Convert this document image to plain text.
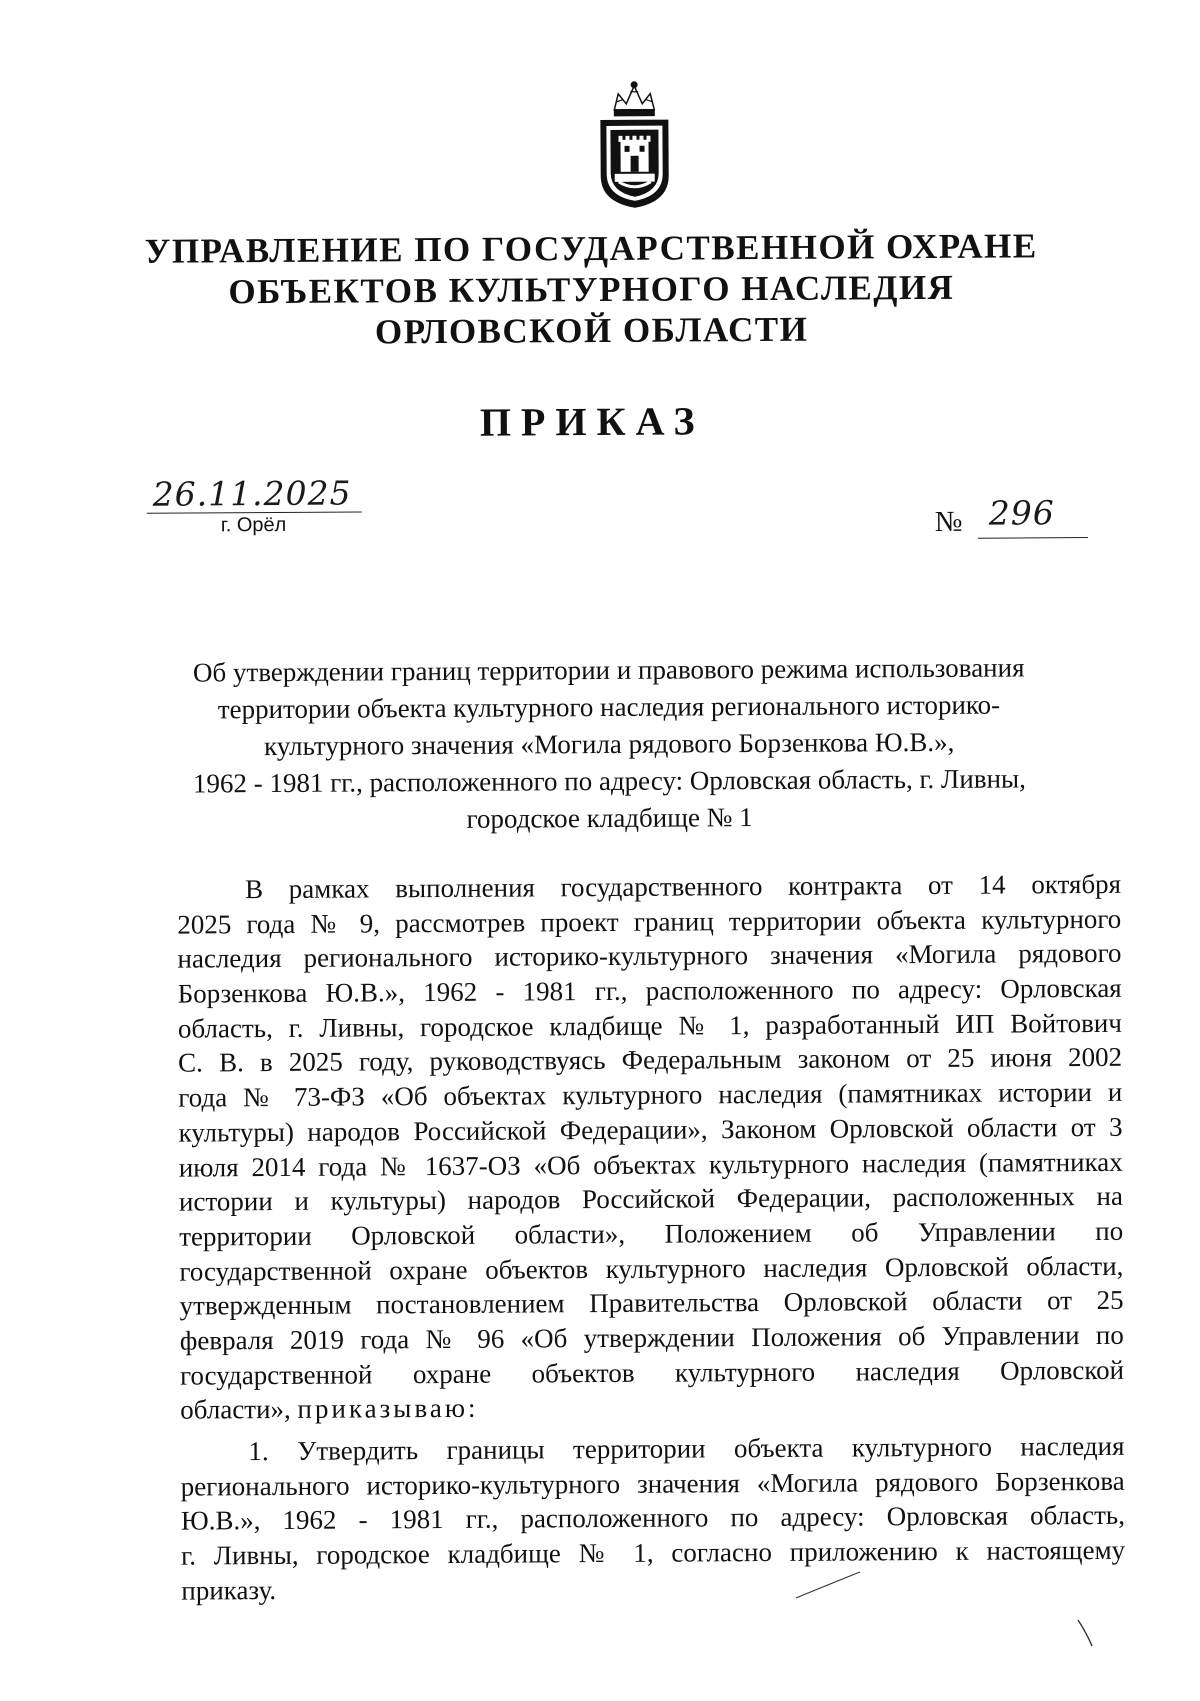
УПРАВЛЕНИЕ ПО ГОСУДАРСТВЕННОЙ ОХРАНЕ
ОБЪЕКТОВ КУЛЬТУРНОГО НАСЛЕДИЯ
ОРЛОВСКОЙ ОБЛАСТИ
ПРИКАЗ
26.11.2025
г. Орёл	№ 296
Об утверждении границ территории и правового режима использования
территории объекта культурного наследия регионального историко-
культурного значения «Могила рядового Борзенкова Ю.В.»,
1962 - 1981 гг., расположенного по адресу: Орловская область, г. Ливны,
городское кладбище № 1
В рамках выполнения государственного контракта от 14 октября
2025 года № 9, рассмотрев проект границ территории объекта культурного
наследия регионального историко-культурного значения «Могила рядового
Борзенкова Ю.В.», 1962 - 1981 гг., расположенного по адресу: Орловская
область, г. Ливны, городское кладбище № 1, разработанный ИП Войтович
С. В. в 2025 году, руководствуясь Федеральным законом от 25 июня 2002
года № 73-ФЗ «Об объектах культурного наследия (памятниках истории и
культуры) народов Российской Федерации», Законом Орловской области от 3
июля 2014 года № 1637-ОЗ «Об объектах культурного наследия (памятниках
истории и культуры) народов Российской Федерации, расположенных на
территории Орловской области», Положением об Управлении по
государственной охране объектов культурного наследия Орловской области,
утвержденным постановлением Правительства Орловской области от 25
февраля 2019 года № 96 «Об утверждении Положения об Управлении по
государственной охране объектов культурного наследия Орловской
области», приказываю:
1. Утвердить границы территории объекта культурного наследия
регионального историко-культурного значения «Могила рядового Борзенкова
Ю.В.», 1962 - 1981 гг., расположенного по адресу: Орловская область,
г. Ливны, городское кладбище № 1, согласно приложению к настоящему
приказу.
